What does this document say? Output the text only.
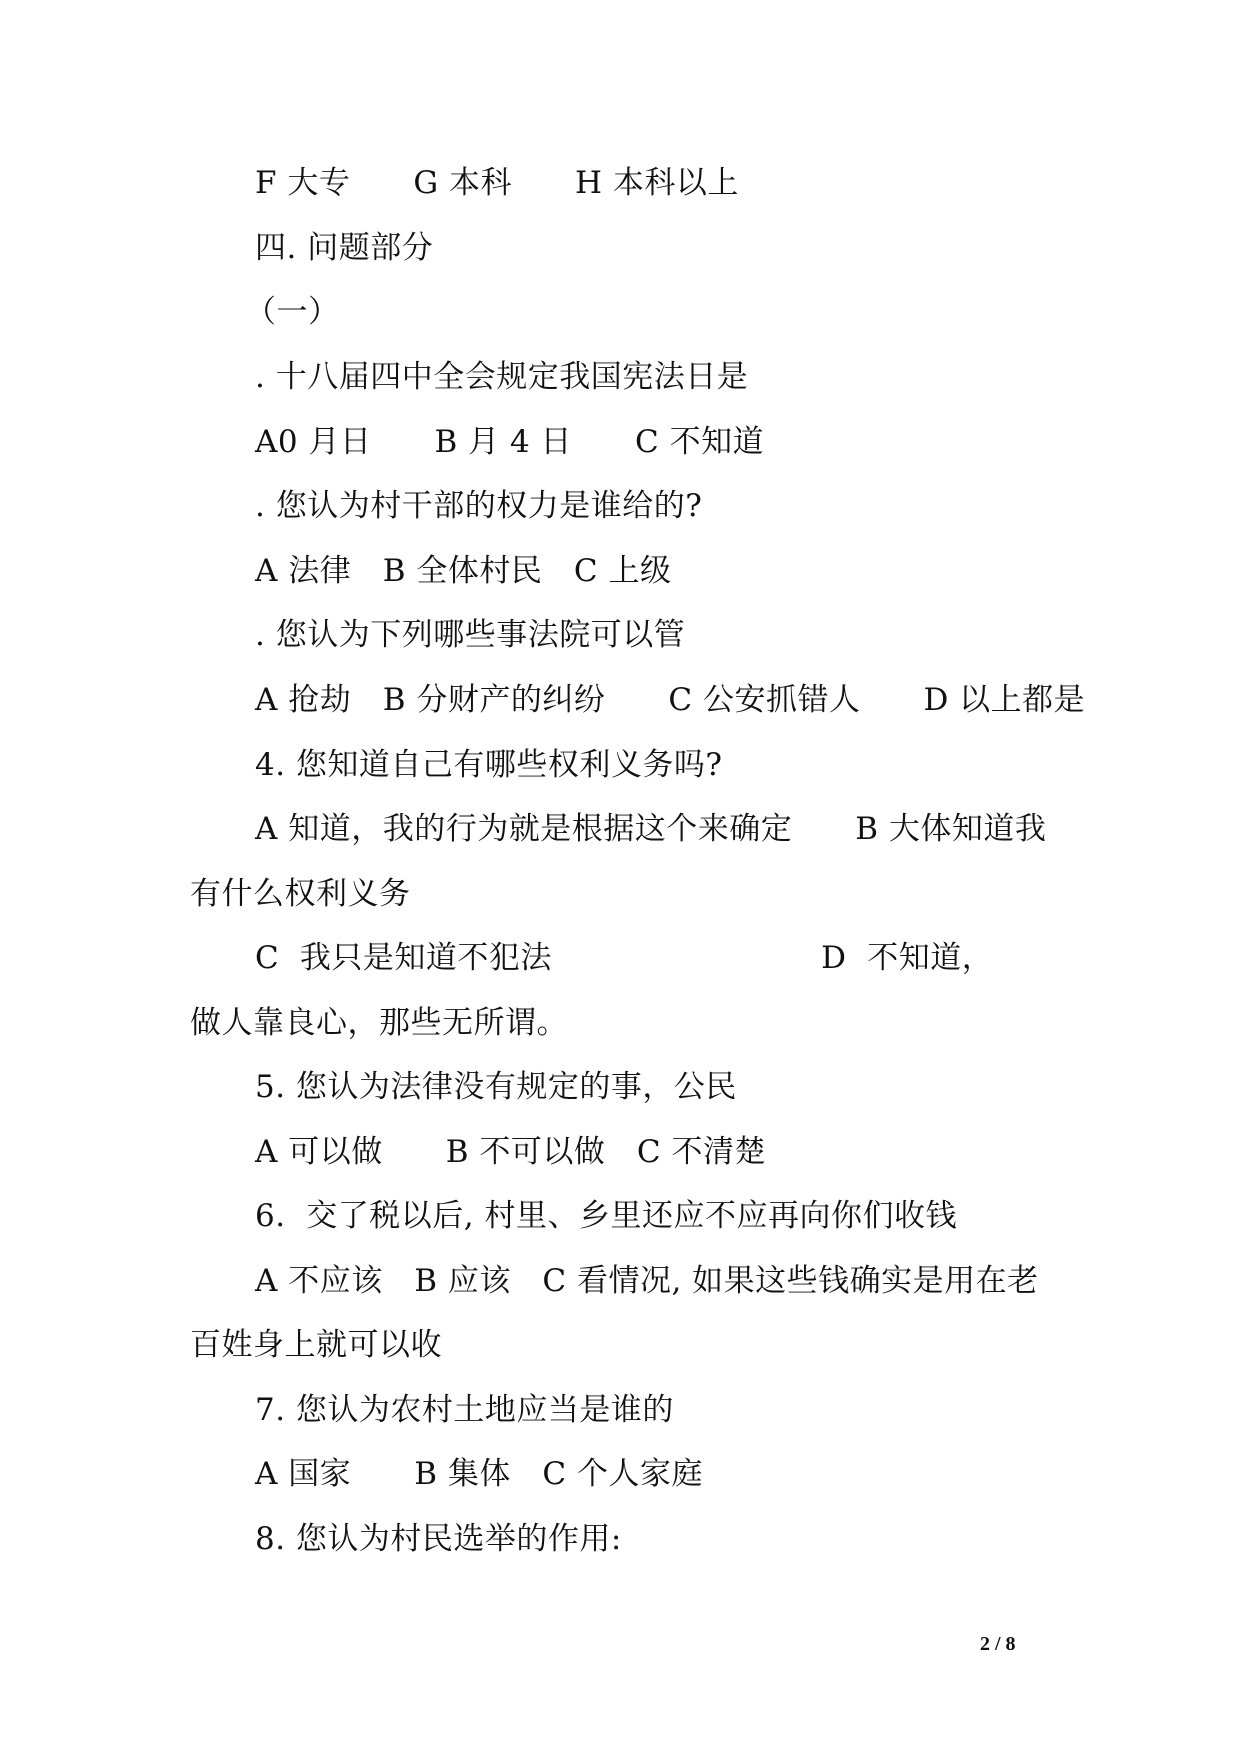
F 大专　　G 本科　　H 本科以上
四. 问题部分
（一）
. 十八届四中全会规定我国宪法日是
A0 月日　　B 月 4 日　　C 不知道
. 您认为村干部的权力是谁给的?
A 法律　B 全体村民　C 上级
. 您认为下列哪些事法院可以管
A 抢劫　B 分财产的纠纷　　C 公安抓错人　　D 以上都是
4. 您知道自己有哪些权利义务吗?
A 知道，我的行为就是根据这个来确定　　B 大体知道我
有什么权利义务
C  我只是知道不犯法                          D  不知道，
做人靠良心，那些无所谓。
5. 您认为法律没有规定的事，公民
A 可以做　　B 不可以做　C 不清楚
6.  交了税以后, 村里、乡里还应不应再向你们收钱
A 不应该　B 应该　C 看情况, 如果这些钱确实是用在老
百姓身上就可以收
7. 您认为农村土地应当是谁的
A 国家　　B 集体　C 个人家庭
8. 您认为村民选举的作用:
2 / 8
